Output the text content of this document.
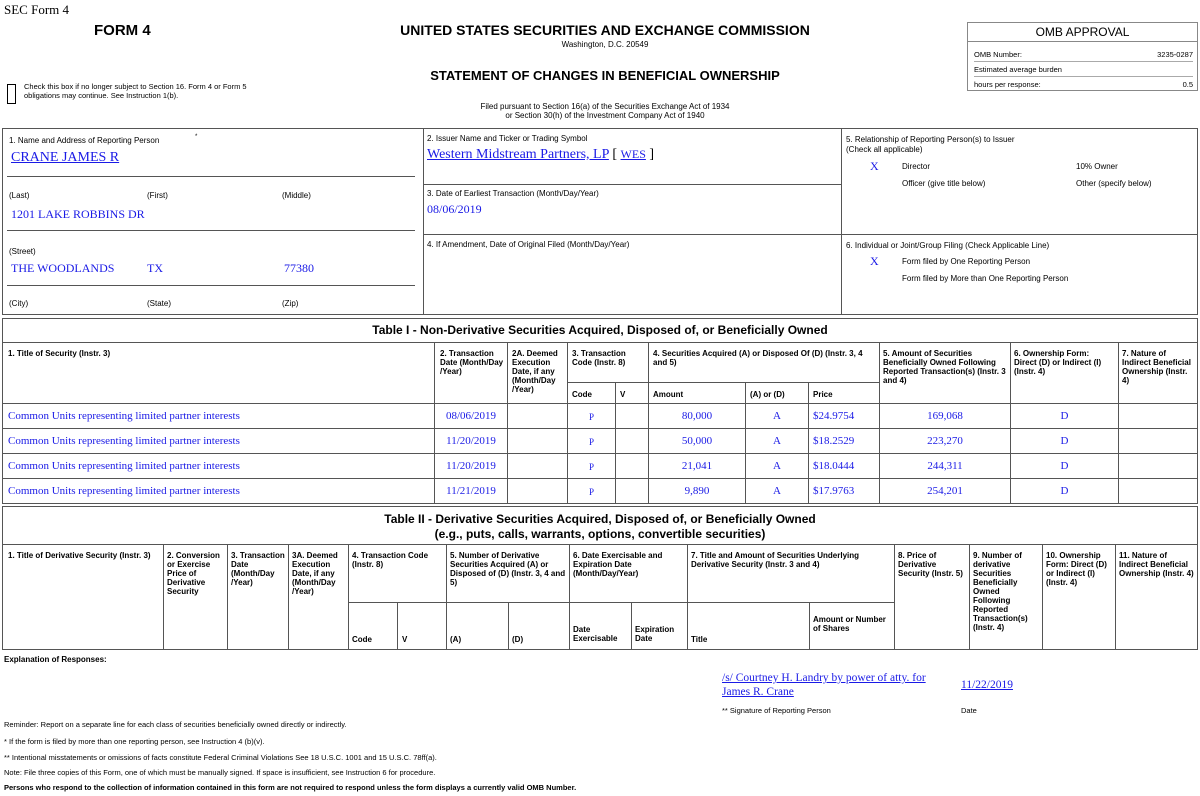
SEC Form 4
FORM 4
Check this box if no longer subject to Section 16. Form 4 or Form 5 obligations may continue. See Instruction 1(b).
UNITED STATES SECURITIES AND EXCHANGE COMMISSION
Washington, D.C. 20549
STATEMENT OF CHANGES IN BENEFICIAL OWNERSHIP
Filed pursuant to Section 16(a) of the Securities Exchange Act of 1934
or Section 30(h) of the Investment Company Act of 1940
OMB APPROVAL
OMB Number:	3235-0287
Estimated average burden
hours per response:	0.5
1. Name and Address of Reporting Person	*
CRANE JAMES R
(Last)	(First)	(Middle)
1201 LAKE ROBBINS DR
(Street)
THE WOODLANDS	TX	77380
(City)	(State)	(Zip)
2. Issuer Name and Ticker or Trading Symbol
Western Midstream Partners, LP [ WES ]
3. Date of Earliest Transaction (Month/Day/Year)
08/06/2019
4. If Amendment, Date of Original Filed (Month/Day/Year)
5. Relationship of Reporting Person(s) to Issuer
(Check all applicable)
X	Director	10% Owner
Officer (give title below)	Other (specify below)
6. Individual or Joint/Group Filing (Check Applicable Line)
X	Form filed by One Reporting Person
Form filed by More than One Reporting Person
Table I - Non-Derivative Securities Acquired, Disposed of, or Beneficially Owned
1. Title of Security (Instr. 3)	2. Transaction Date (Month/Day /Year)
2A. Deemed Execution Date, if any (Month/Day /Year)
3. Transaction Code (Instr. 8)
4. Securities Acquired (A) or Disposed Of (D) (Instr. 3, 4 and 5)
5. Amount of Securities Beneficially Owned Following Reported Transaction(s) (Instr. 3 and 4)
6. Ownership Form: Direct (D) or Indirect (I) (Instr. 4)
7. Nature of Indirect Beneficial Ownership (Instr. 4)
Code	V	Amount	(A) or (D)	Price
Common Units representing limited partner interests	08/06/2019	P	80,000	A	$24.9754	169,068	D
Common Units representing limited partner interests	11/20/2019	P	50,000	A	$18.2529	223,270	D
Common Units representing limited partner interests	11/20/2019	P	21,041	A	$18.0444	244,311	D
Common Units representing limited partner interests	11/21/2019	P	9,890	A	$17.9763	254,201	D
Table II - Derivative Securities Acquired, Disposed of, or Beneficially Owned
(e.g., puts, calls, warrants, options, convertible securities)
1. Title of Derivative Security (Instr. 3)	2. Conversion or Exercise Price of Derivative Security
3. Transaction Date (Month/Day /Year)
3A. Deemed Execution Date, if any (Month/Day /Year)
4. Transaction Code (Instr. 8)
5. Number of Derivative Securities Acquired (A) or Disposed of (D) (Instr. 3, 4 and 5)
6. Date Exercisable and Expiration Date (Month/Day/Year)
7. Title and Amount of Securities Underlying Derivative Security (Instr. 3 and 4)
8. Price of Derivative Security (Instr. 5)
9. Number of derivative Securities Beneficially Owned Following Reported Transaction(s) (Instr. 4)
10. Ownership Form: Direct (D) or Indirect (I) (Instr. 4)
11. Nature of Indirect Beneficial Ownership (Instr. 4)
Code	V	(A)	(D)
Date Exercisable
Expiration Date	Title
Amount or Number of Shares
Explanation of Responses:
/s/ Courtney H. Landry by power of atty. for James R. Crane
11/22/2019
** Signature of Reporting Person	Date
Reminder: Report on a separate line for each class of securities beneficially owned directly or indirectly.
* If the form is filed by more than one reporting person, see Instruction 4 (b)(v).
** Intentional misstatements or omissions of facts constitute Federal Criminal Violations See 18 U.S.C. 1001 and 15 U.S.C. 78ff(a).
Note: File three copies of this Form, one of which must be manually signed. If space is insufficient, see Instruction 6 for procedure.
Persons who respond to the collection of information contained in this form are not required to respond unless the form displays a currently valid OMB Number.
